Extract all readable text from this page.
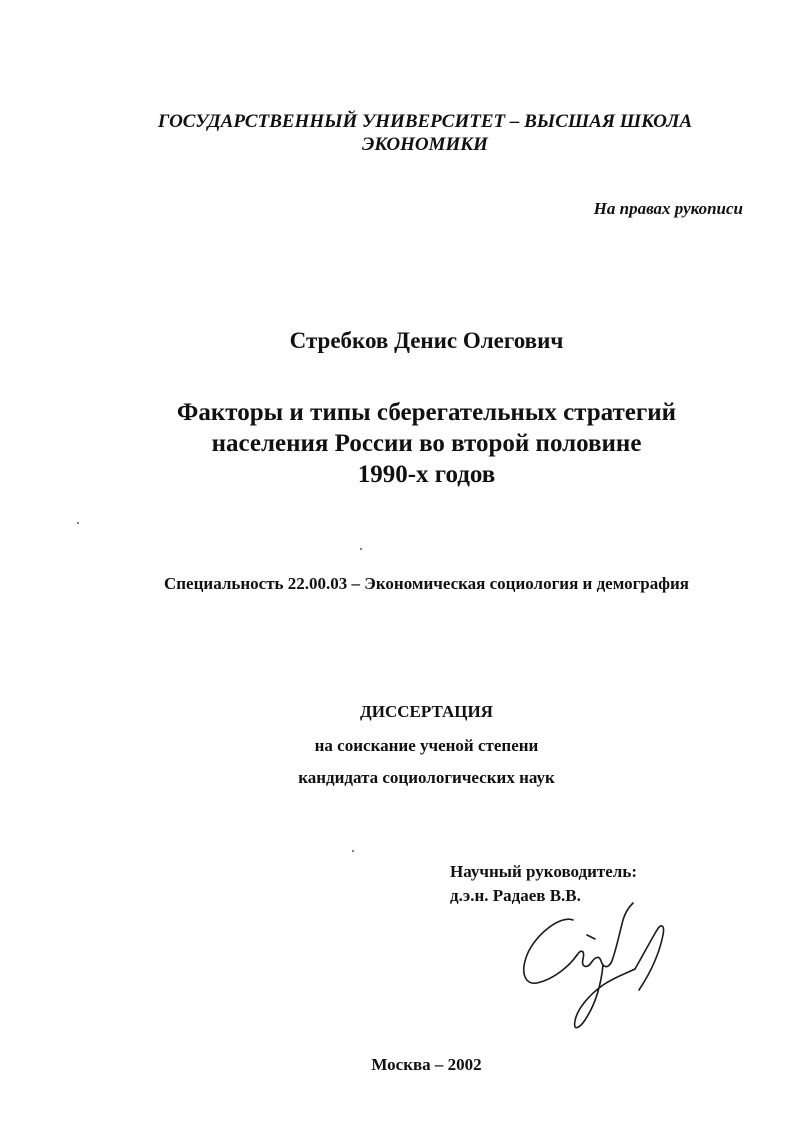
ГОСУДАРСТВЕННЫЙ УНИВЕРСИТЕТ – ВЫСШАЯ ШКОЛА ЭКОНОМИКИ

На правах рукописи

Стребков Денис Олегович

Факторы и типы сберегательных стратегий
населения России во второй половине
1990-х годов

Специальность 22.00.03 – Экономическая социология и демография

ДИССЕРТАЦИЯ

на соискание ученой степени

кандидата социологических наук

Научный руководитель:

д.э.н. Радаев В.В.

Москва – 2002
